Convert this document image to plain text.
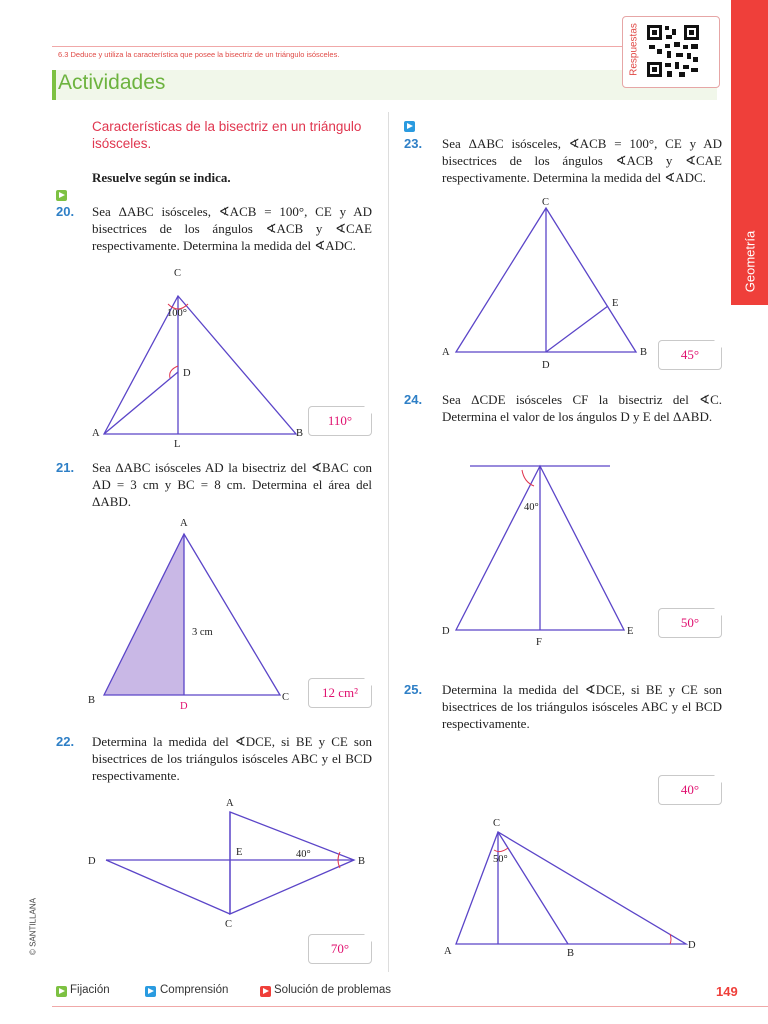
6.3 Deduce y utiliza la característica que posee la bisectriz de un triángulo isósceles.
Actividades
Respuestas
Geometría
Características de la bisectriz en un triángulo isósceles.
Resuelve según se indica.
20. Sea ΔABC isósceles, ∢ACB = 100°, CE y AD bisectrices de los ángulos ∢ACB y ∢CAE respectivamente. Determina la medida del ∢ADC.
C
100°
D
A	B
L
110°
21. Sea ΔABC isósceles AD la bisectriz del ∢BAC con AD = 3 cm y BC = 8 cm. Determina el área del ΔABD.
A
3 cm
B	C
D
12 cm²
22. Determina la medida del ∢DCE, si BE y CE son bisectrices de los triángulos isósceles ABC y el BCD respectivamente.
A
E	40°
B
D
C
70°
23. Sea ΔABC isósceles, ∢ACB = 100°, CE y AD bisectrices de los ángulos ∢ACB y ∢CAE respectivamente. Determina la medida del ∢ADC.
C
E
A	B
D
45°
24. Sea ΔCDE isósceles CF la bisectriz del ∢C. Determina el valor de los ángulos D y E del ΔABD.
40°
D	E
F
50°
25. Determina la medida del ∢DCE, si BE y CE son bisectrices de los triángulos isósceles ABC y el BCD respectivamente.
40°
C
50°
A	B
D
Fijación	Comprensión	Solución de problemas	149
© SANTILLANA
